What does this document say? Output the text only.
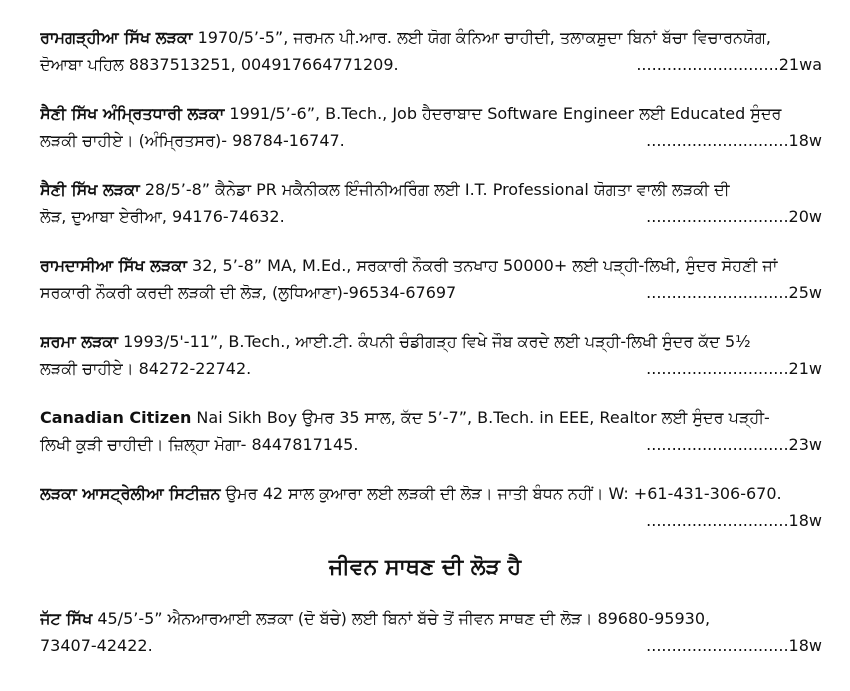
ਰਾਮਗੜ੍ਹੀਆ ਸਿੱਖ ਲੜਕਾ 1970/5’-5”, ਜਰਮਨ ਪੀ.ਆਰ. ਲਈ ਯੋਗ ਕੰਨਿਆ ਚਾਹੀਦੀ, ਤਲਾਕਸ਼ੁਦਾ ਬਿਨਾਂ ਬੱਚਾ ਵਿਚਾਰਨਯੋਗ,
ਦੋਆਬਾ ਪਹਿਲ 8837513251, 004917664771209.	............................21wa
ਸੈਣੀ ਸਿੱਖ ਅੰਮ੍ਰਿਤਧਾਰੀ ਲੜਕਾ 1991/5’-6”, B.Tech., Job ਹੈਦਰਾਬਾਦ Software Engineer ਲਈ Educated ਸੁੰਦਰ
ਲੜਕੀ ਚਾਹੀਏ। (ਅੰਮ੍ਰਿਤਸਰ)- 98784-16747.	............................18w
ਸੈਣੀ ਸਿੱਖ ਲੜਕਾ 28/5’-8” ਕੈਨੇਡਾ PR ਮਕੈਨੀਕਲ ਇੰਜੀਨੀਅਰਿੰਗ ਲਈ I.T. Professional ਯੋਗਤਾ ਵਾਲੀ ਲੜਕੀ ਦੀ
ਲੋੜ, ਦੁਆਬਾ ਏਰੀਆ, 94176-74632.	............................20w
ਰਾਮਦਾਸੀਆ ਸਿੱਖ ਲੜਕਾ 32, 5’-8” MA, M.Ed., ਸਰਕਾਰੀ ਨੌਕਰੀ ਤਨਖਾਹ 50000+ ਲਈ ਪੜ੍ਹੀ-ਲਿਖੀ, ਸੁੰਦਰ ਸੋਹਣੀ ਜਾਂ
ਸਰਕਾਰੀ ਨੌਕਰੀ ਕਰਦੀ ਲੜਕੀ ਦੀ ਲੋੜ, (ਲੁਧਿਆਣਾ)-96534-67697	............................25w
ਸ਼ਰਮਾ ਲੜਕਾ 1993/5'-11”, B.Tech., ਆਈ.ਟੀ. ਕੰਪਨੀ ਚੰਡੀਗੜ੍ਹ ਵਿਖੇ ਜੌਬ ਕਰਦੇ ਲਈ ਪੜ੍ਹੀ-ਲਿਖੀ ਸੁੰਦਰ ਕੱਦ 5½
ਲੜਕੀ ਚਾਹੀਏ। 84272-22742.	............................21w
Canadian Citizen Nai Sikh Boy ਉਮਰ 35 ਸਾਲ, ਕੱਦ 5’-7”, B.Tech. in EEE, Realtor ਲਈ ਸੁੰਦਰ ਪੜ੍ਹੀ-
ਲਿਖੀ ਕੁੜੀ ਚਾਹੀਦੀ। ਜ਼ਿਲ੍ਹਾ ਮੋਗਾ- 8447817145.	............................23w
ਲੜਕਾ ਆਸਟ੍ਰੇਲੀਆ ਸਿਟੀਜ਼ਨ ਉਮਰ 42 ਸਾਲ ਕੁਆਰਾ ਲਈ ਲੜਕੀ ਦੀ ਲੋੜ। ਜਾਤੀ ਬੰਧਨ ਨਹੀਂ। W: +61-431-306-670.
............................18w
ਜੀਵਨ ਸਾਥਣ ਦੀ ਲੋੜ ਹੈ
ਜੱਟ ਸਿੱਖ 45/5’-5” ਐਨਆਰਆਈ ਲੜਕਾ (ਦੋ ਬੱਚੇ) ਲਈ ਬਿਨਾਂ ਬੱਚੇ ਤੋਂ ਜੀਵਨ ਸਾਥਣ ਦੀ ਲੋੜ। 89680-95930,
73407-42422.	............................18w
